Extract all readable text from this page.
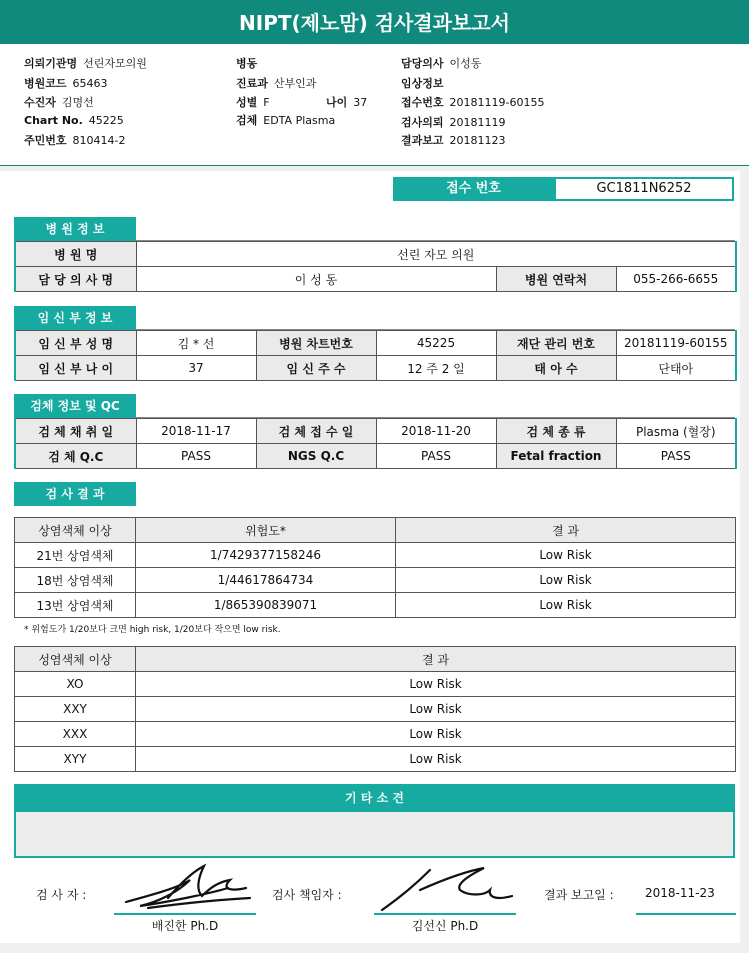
NIPT(제노맘) 검사결과보고서
의뢰기관명 선린자모의원
병원코드 65463
수진자 김명선
Chart No. 45225
주민번호 810414-2
병동
진료과 산부인과
성별 F	나이 37
검체 EDTA Plasma
담당의사 이성동
임상정보
접수번호 20181119-60155
검사의뢰 20181119
결과보고 20181123
접수 번호	GC1811N6252
병 원 정 보
병 원 명	선린 자모 의원		
담 당 의 사 명	이 성 동	병원 연락처	055-266-6655
임 신 부 정 보
임 신 부 성 명	김 * 선	병원 차트번호	45225	재단 관리 번호	20181119-60155
임 신 부 나 이	37	임 신 주 수	12 주 2 일	태 아 수	단태아
검체 정보 및 QC
검 체 채 취 일	2018-11-17	검 체 접 수 일	2018-11-20	검 체 종 류	Plasma (혈장)
검 체 Q.C	PASS	NGS Q.C	PASS	Fetal fraction	PASS
검 사 결 과
상염색체 이상	위험도*	결 과
21번 상염색체	1/7429377158246	Low Risk
18번 상염색체	1/44617864734	Low Risk
13번 상염색체	1/865390839071	Low Risk
* 위험도가 1/20보다 크면 high risk, 1/20보다 작으면 low risk.
성염색체 이상	결 과
XO	Low Risk
XXY	Low Risk
XXX	Low Risk
XYY	Low Risk
기 타 소 견
검 사 자 :
배진한 Ph.D
검사 책임자 :
김선신 Ph.D
결과 보고일 :	2018-11-23
